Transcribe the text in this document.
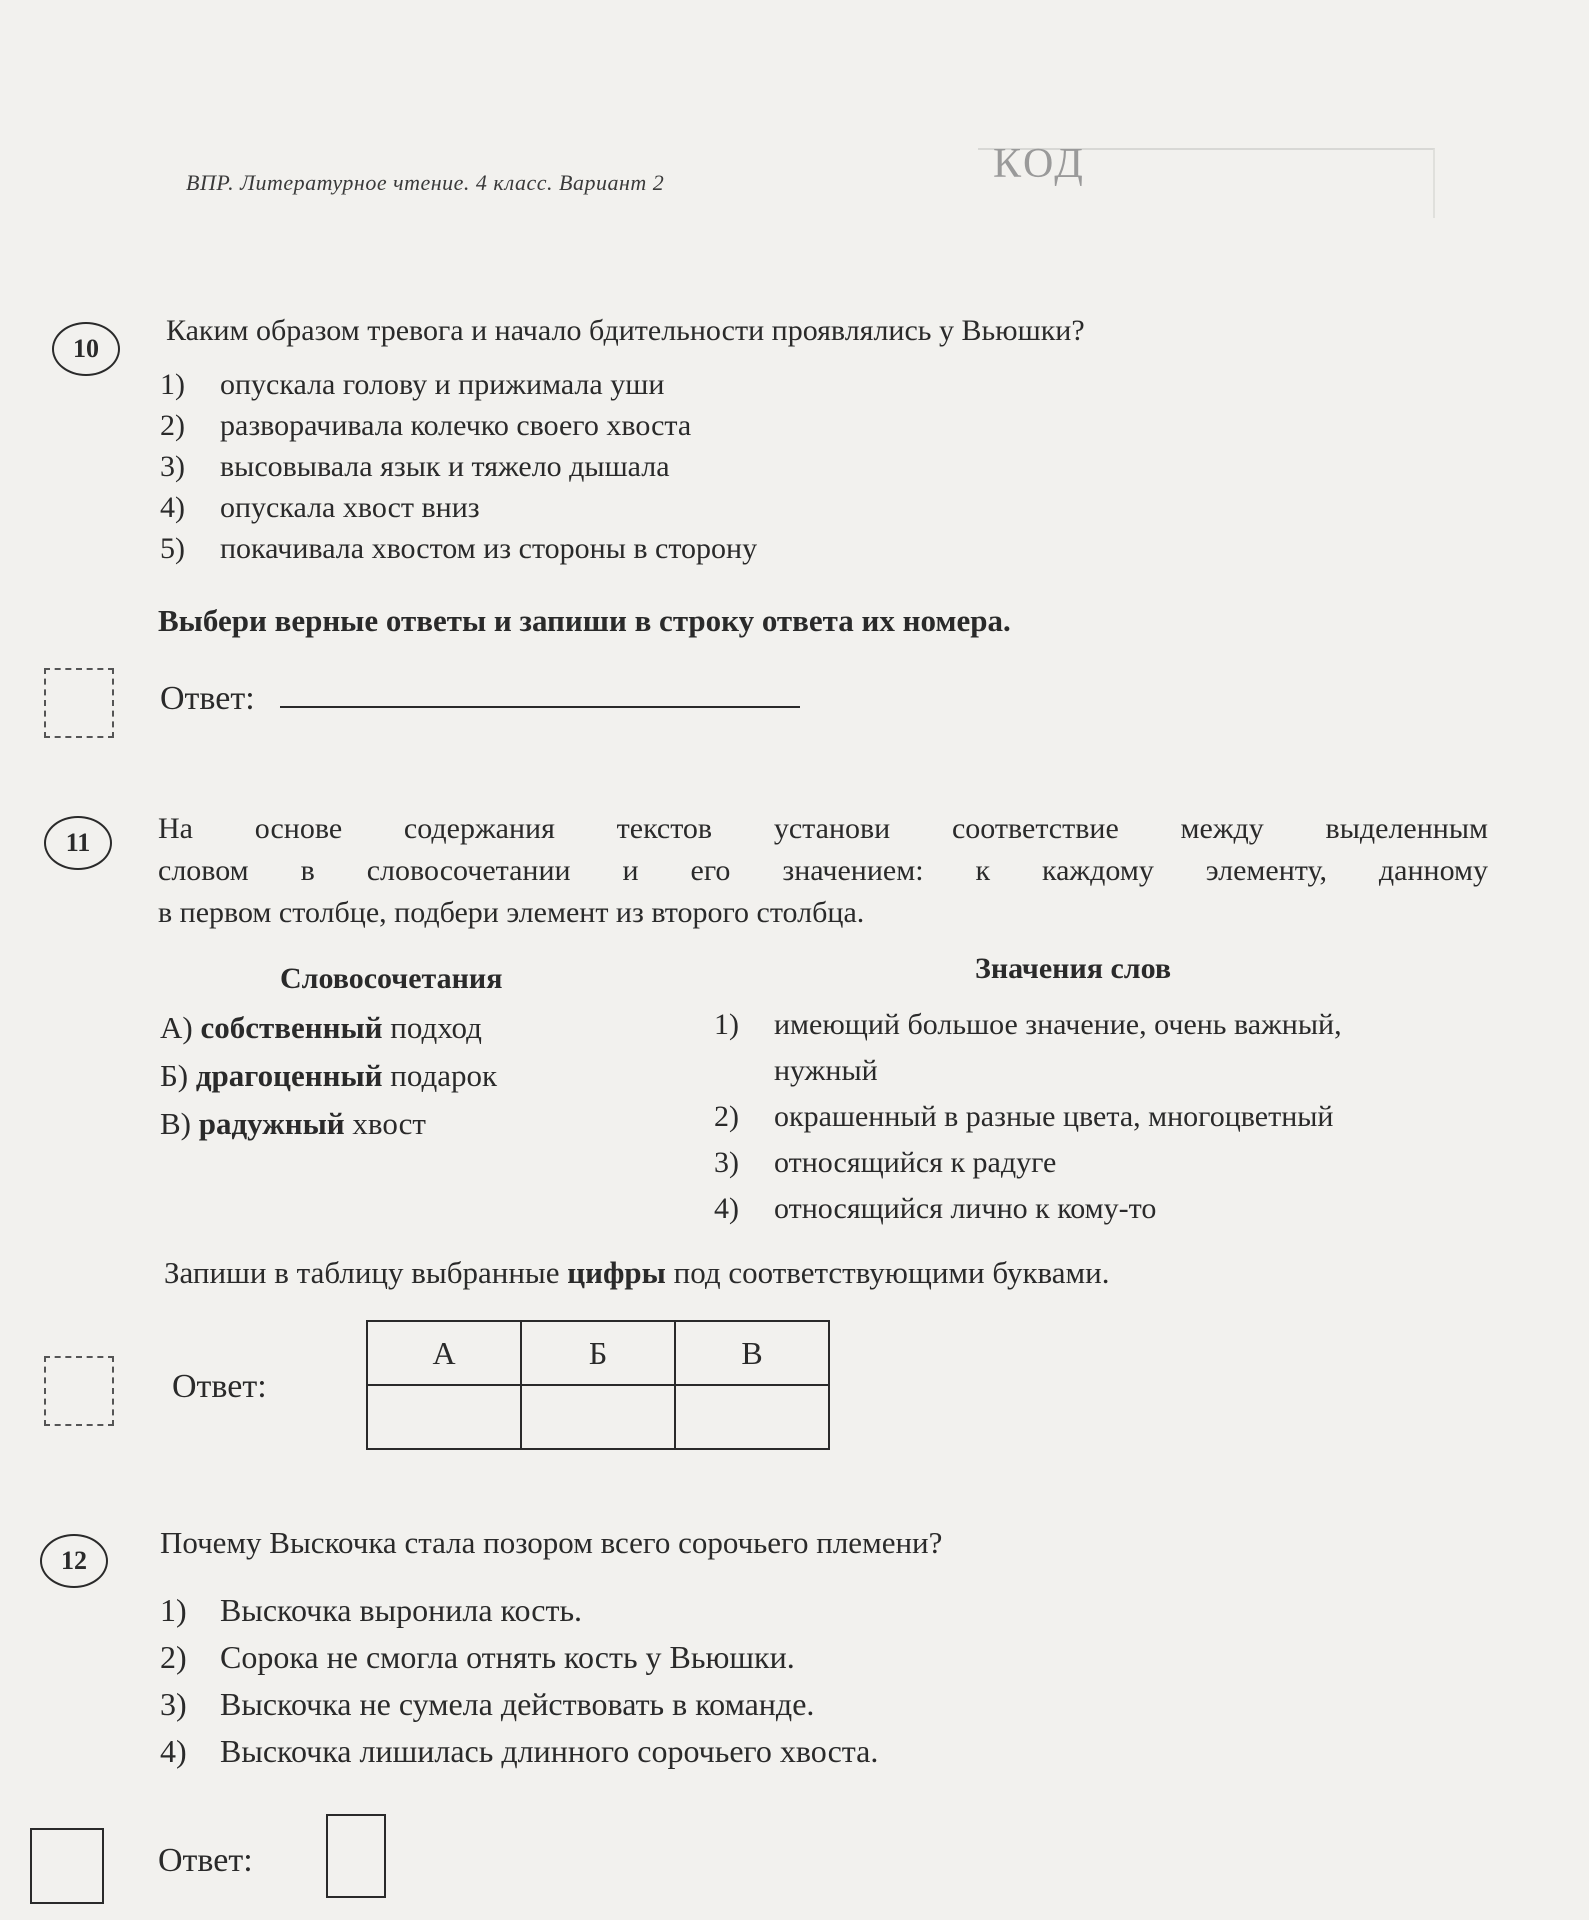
ВПР. Литературное чтение. 4 класс. Вариант 2	КОД
10
Каким образом тревога и начало бдительности проявлялись у Вьюшки?
1)	опускала голову и прижимала уши
2)	разворачивала колечко своего хвоста
3)	высовывала язык и тяжело дышала
4)	опускала хвост вниз
5)	покачивала хвостом из стороны в сторону
Выбери верные ответы и запиши в строку ответа их номера.
Ответ:
11	На основе содержания текстов установи соответствие между выделенным
словом в словосочетании и его значением: к каждому элементу, данному
в первом столбце, подбери элемент из второго столбца.
Словосочетания	Значения слов
А) собственный подход
Б) драгоценный подарок
В) радужный хвост
1)	имеющий большое значение, очень важный,
нужный
2)	окрашенный в разные цвета, многоцветный
3)	относящийся к радуге
4)	относящийся лично к кому-то
Запиши в таблицу выбранные цифры под соответствующими буквами.
Ответ:
А	Б	В

12
Почему Выскочка стала позором всего сорочьего племени?
1)	Выскочка выронила кость.
2)	Сорока не смогла отнять кость у Вьюшки.
3)	Выскочка не сумела действовать в команде.
4)	Выскочка лишилась длинного сорочьего хвоста.
Ответ:
